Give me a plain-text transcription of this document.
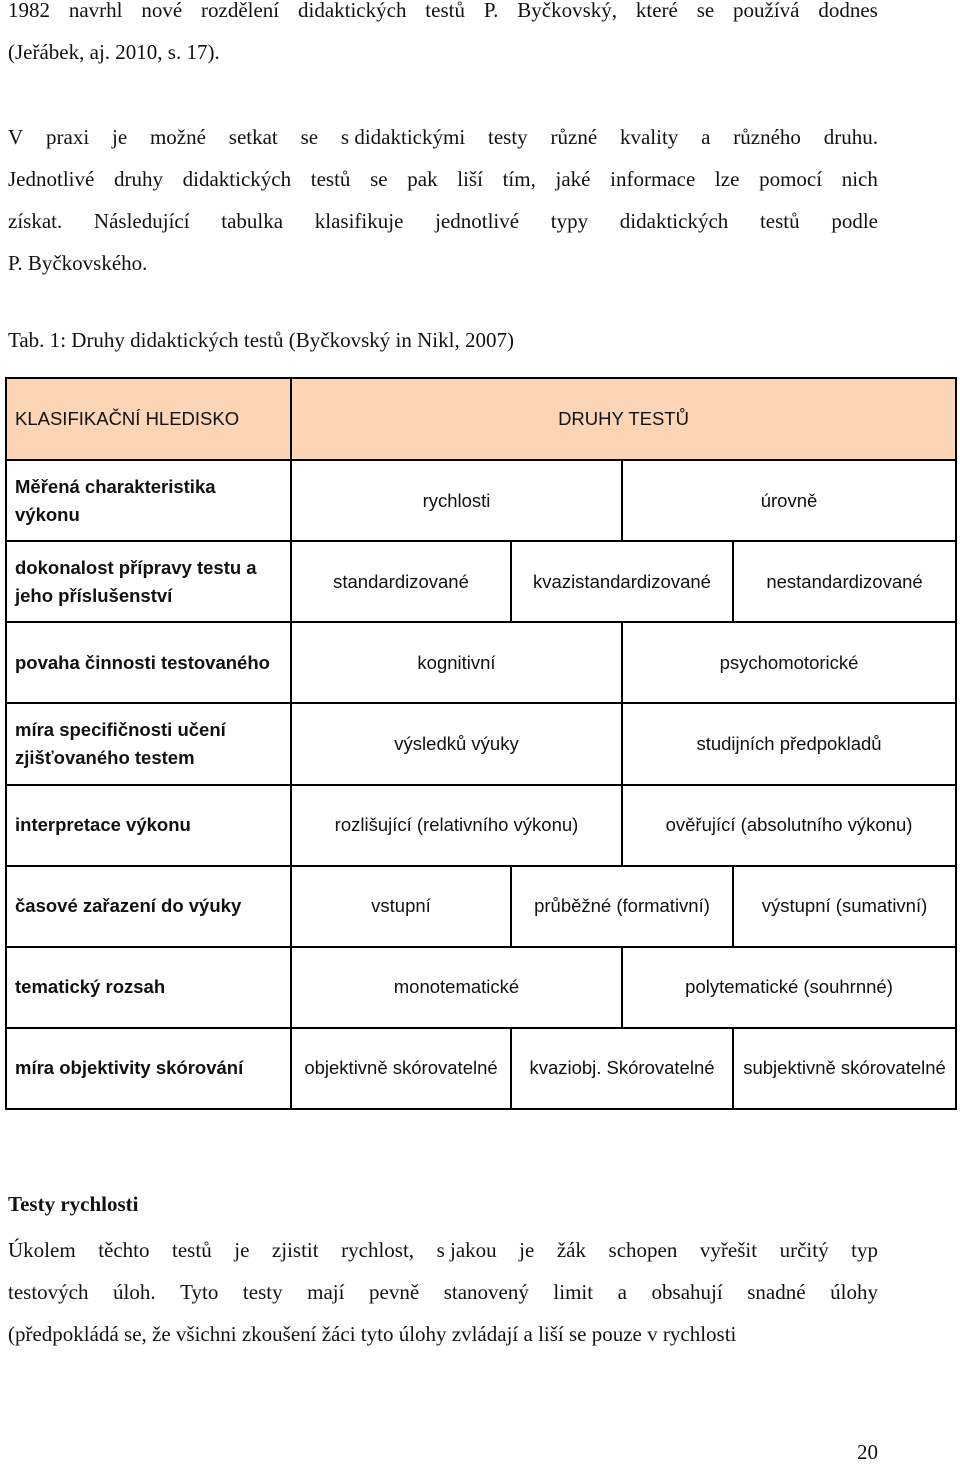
1982 navrhl nové rozdělení didaktických testů P. Byčkovský, které se používá dodnes
(Jeřábek, aj. 2010, s. 17).
V praxi je možné setkat se s didaktickými testy různé kvality a různého druhu.
Jednotlivé druhy didaktických testů se pak liší tím, jaké informace lze pomocí nich
získat. Následující tabulka klasifikuje jednotlivé typy didaktických testů podle
P. Byčkovského.
Tab. 1: Druhy didaktických testů (Byčkovský in Nikl, 2007)
KLASIFIKAČNÍ HLEDISKO	DRUHY TESTŮ			
Měřená charakteristika výkonu	rychlosti		úrovně	
dokonalost přípravy testu a jeho příslušenství	standardizované	kvazistandardizované		nestandardizované
povaha činnosti testovaného	kognitivní		psychomotorické	
míra specifičnosti učení zjišťovaného testem	výsledků výuky		studijních předpokladů	
interpretace výkonu	rozlišující (relativního výkonu)		ověřující (absolutního výkonu)	
časové zařazení do výuky	vstupní	průběžné (formativní)		výstupní (sumativní)
tematický rozsah	monotematické		polytematické (souhrnné)	
míra objektivity skórování	objektivně skórovatelné	kvaziobj. Skórovatelné		subjektivně skórovatelné
Testy rychlosti
Úkolem těchto testů je zjistit rychlost, s jakou je žák schopen vyřešit určitý typ
testových úloh. Tyto testy mají pevně stanovený limit a obsahují snadné úlohy
(předpokládá se, že všichni zkoušení žáci tyto úlohy zvládají a liší se pouze v rychlosti
20
